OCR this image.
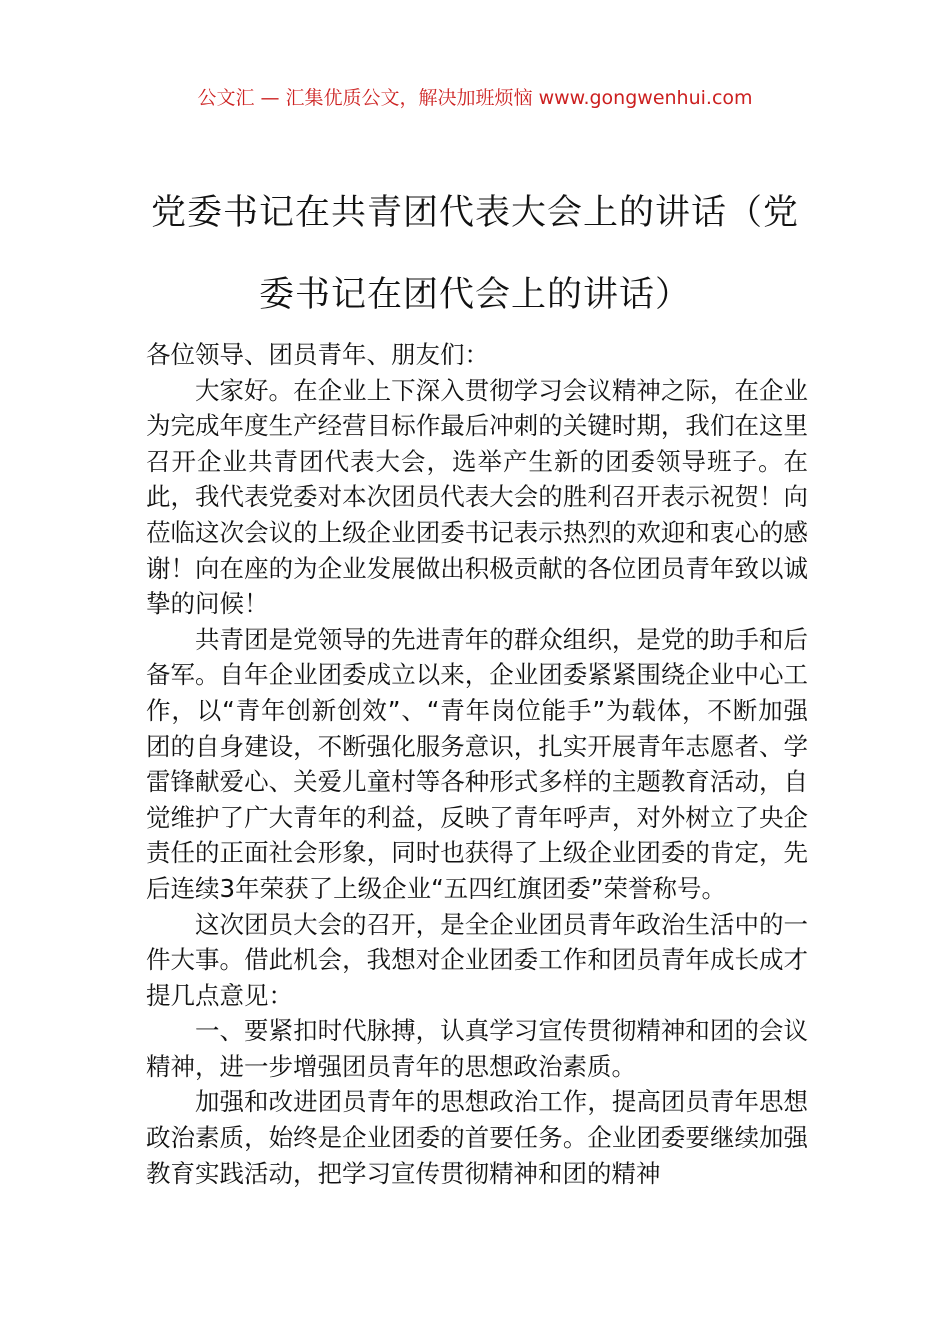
公文汇 — 汇集优质公文，解决加班烦恼 www.gongwenhui.com
党委书记在共青团代表大会上的讲话（党委书记在团代会上的讲话）

各位领导、团员青年、朋友们：

大家好。在企业上下深入贯彻学习会议精神之际，在企业为完成年度生产经营目标作最后冲刺的关键时期，我们在这里召开企业共青团代表大会，选举产生新的团委领导班子。在此，我代表党委对本次团员代表大会的胜利召开表示祝贺！向莅临这次会议的上级企业团委书记表示热烈的欢迎和衷心的感谢！向在座的为企业发展做出积极贡献的各位团员青年致以诚挚的问候！

共青团是党领导的先进青年的群众组织，是党的助手和后备军。自年企业团委成立以来，企业团委紧紧围绕企业中心工作，以“青年创新创效”、“青年岗位能手”为载体，不断加强团的自身建设，不断强化服务意识，扎实开展青年志愿者、学雷锋献爱心、关爱儿童村等各种形式多样的主题教育活动，自觉维护了广大青年的利益，反映了青年呼声，对外树立了央企责任的正面社会形象，同时也获得了上级企业团委的肯定，先后连续3年荣获了上级企业“五四红旗团委”荣誉称号。

这次团员大会的召开，是全企业团员青年政治生活中的一件大事。借此机会，我想对企业团委工作和团员青年成长成才提几点意见：

一、要紧扣时代脉搏，认真学习宣传贯彻精神和团的会议精神，进一步增强团员青年的思想政治素质。

加强和改进团员青年的思想政治工作，提高团员青年思想政治素质，始终是企业团委的首要任务。企业团委要继续加强教育实践活动，把学习宣传贯彻精神和团的精神
